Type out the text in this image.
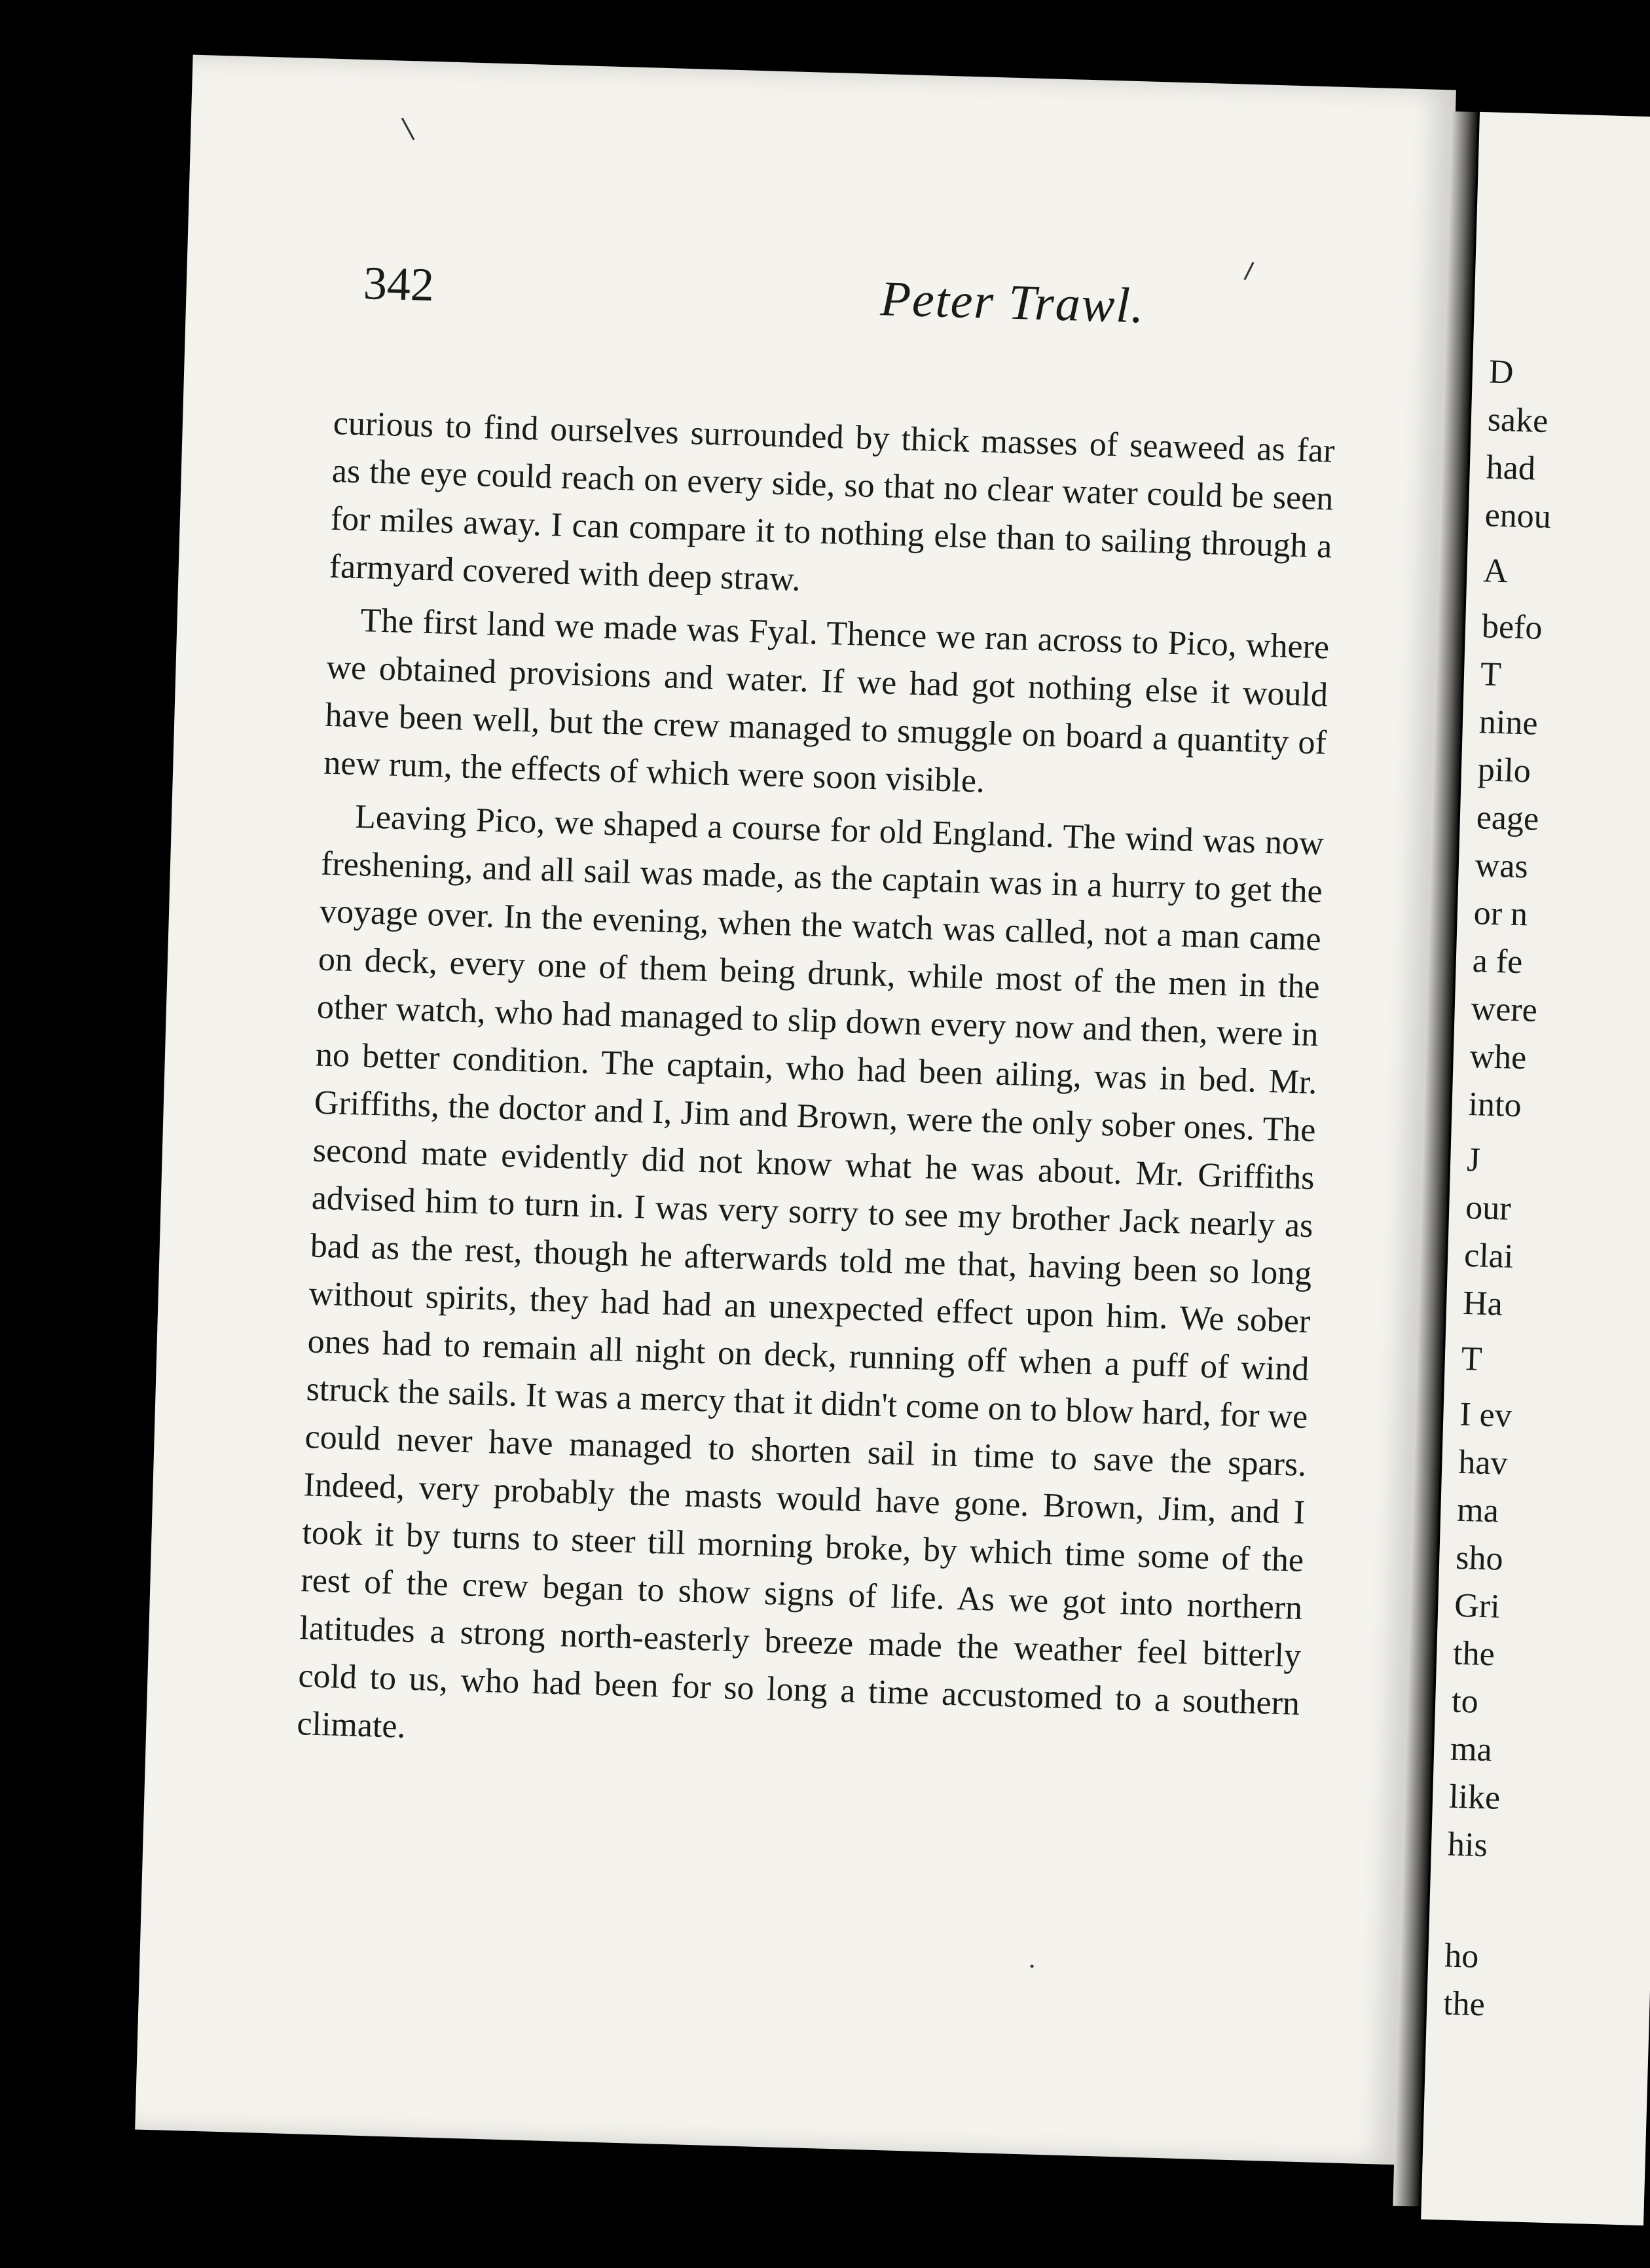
342	Peter Trawl.

curious to find ourselves surrounded by thick masses of seaweed as far as the eye could reach on every side, so that no clear water could be seen for miles away. I can compare it to nothing else than to sailing through a farmyard covered with deep straw.

The first land we made was Fyal. Thence we ran across to Pico, where we obtained provisions and water. If we had got nothing else it would have been well, but the crew managed to smuggle on board a quantity of new rum, the effects of which were soon visible.

Leaving Pico, we shaped a course for old England. The wind was now freshening, and all sail was made, as the captain was in a hurry to get the voyage over. In the evening, when the watch was called, not a man came on deck, every one of them being drunk, while most of the men in the other watch, who had managed to slip down every now and then, were in no better condition. The captain, who had been ailing, was in bed. Mr. Griffiths, the doctor and I, Jim and Brown, were the only sober ones. The second mate evidently did not know what he was about. Mr. Griffiths advised him to turn in. I was very sorry to see my brother Jack nearly as bad as the rest, though he afterwards told me that, having been so long without spirits, they had had an unexpected effect upon him. We sober ones had to remain all night on deck, running off when a puff of wind struck the sails. It was a mercy that it didn't come on to blow hard, for we could never have managed to shorten sail in time to save the spars. Indeed, very probably the masts would have gone. Brown, Jim, and I took it by turns to steer till morning broke, by which time some of the rest of the crew began to show signs of life. As we got into northern latitudes a strong north-easterly breeze made the weather feel bitterly cold to us, who had been for so long a time accustomed to a southern climate.

D
sake
had
enou
A
befo
T
nine
pilo
eage
was
or n
a fe
were
whe
into
J
our
clai
Ha
T
I ev
hav
ma
sho
Gri
the
to
ma
like
his
ho
the
